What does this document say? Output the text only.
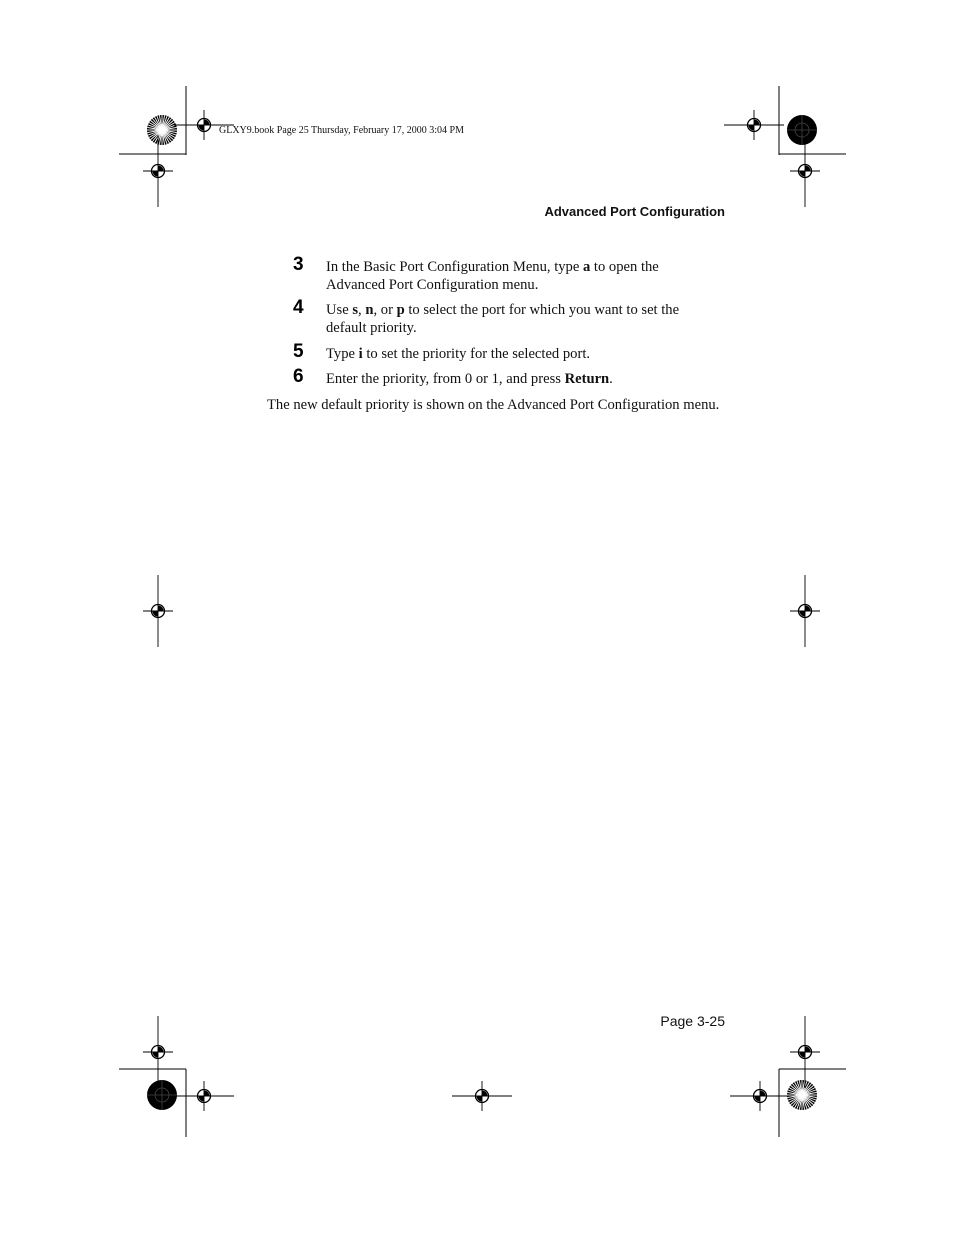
GLXY9.book Page 25 Thursday, February 17, 2000 3:04 PM
Advanced Port Configuration
3 In the Basic Port Configuration Menu, type a to open the Advanced Port Configuration menu.
4 Use s, n, or p to select the port for which you want to set the default priority.
5 Type i to set the priority for the selected port.
6 Enter the priority, from 0 or 1, and press Return.
The new default priority is shown on the Advanced Port Configuration menu.
Page 3-25
